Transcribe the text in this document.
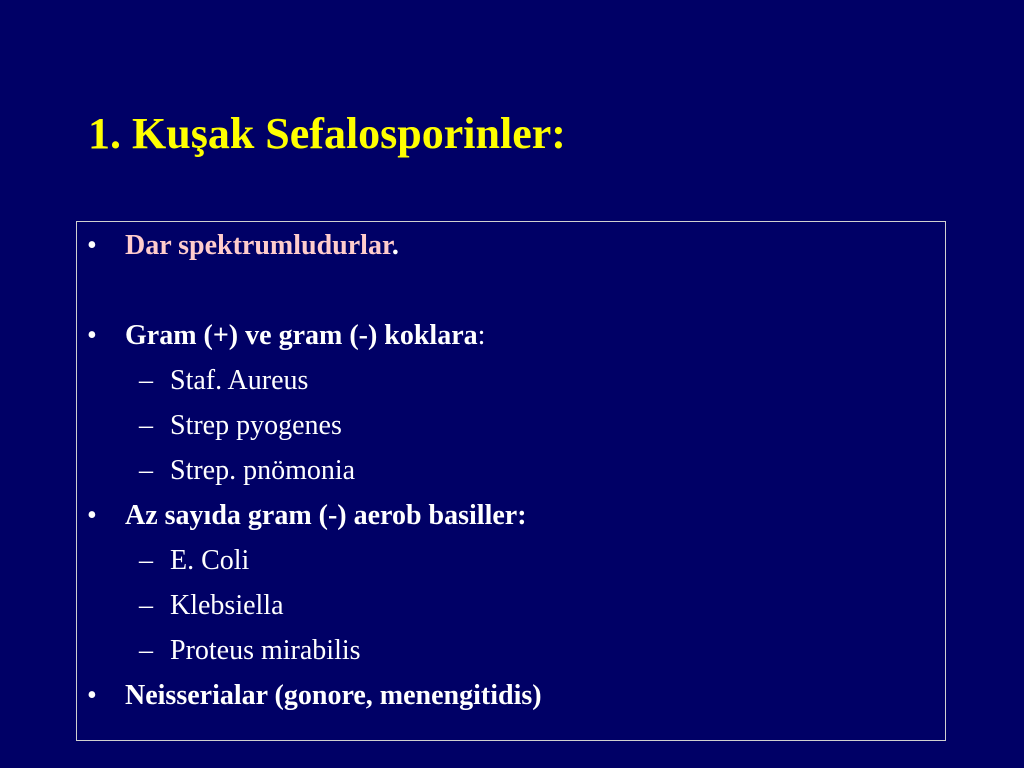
1. Kuşak Sefalosporinler:
•	Dar spektrumludurlar.
•	Gram (+) ve gram (-) koklara:
– Staf. Aureus
– Strep pyogenes
– Strep. pnömonia
•	Az sayıda gram (-) aerob basiller:
– E. Coli
– Klebsiella
– Proteus mirabilis
•	Neisserialar (gonore, menengitidis)
